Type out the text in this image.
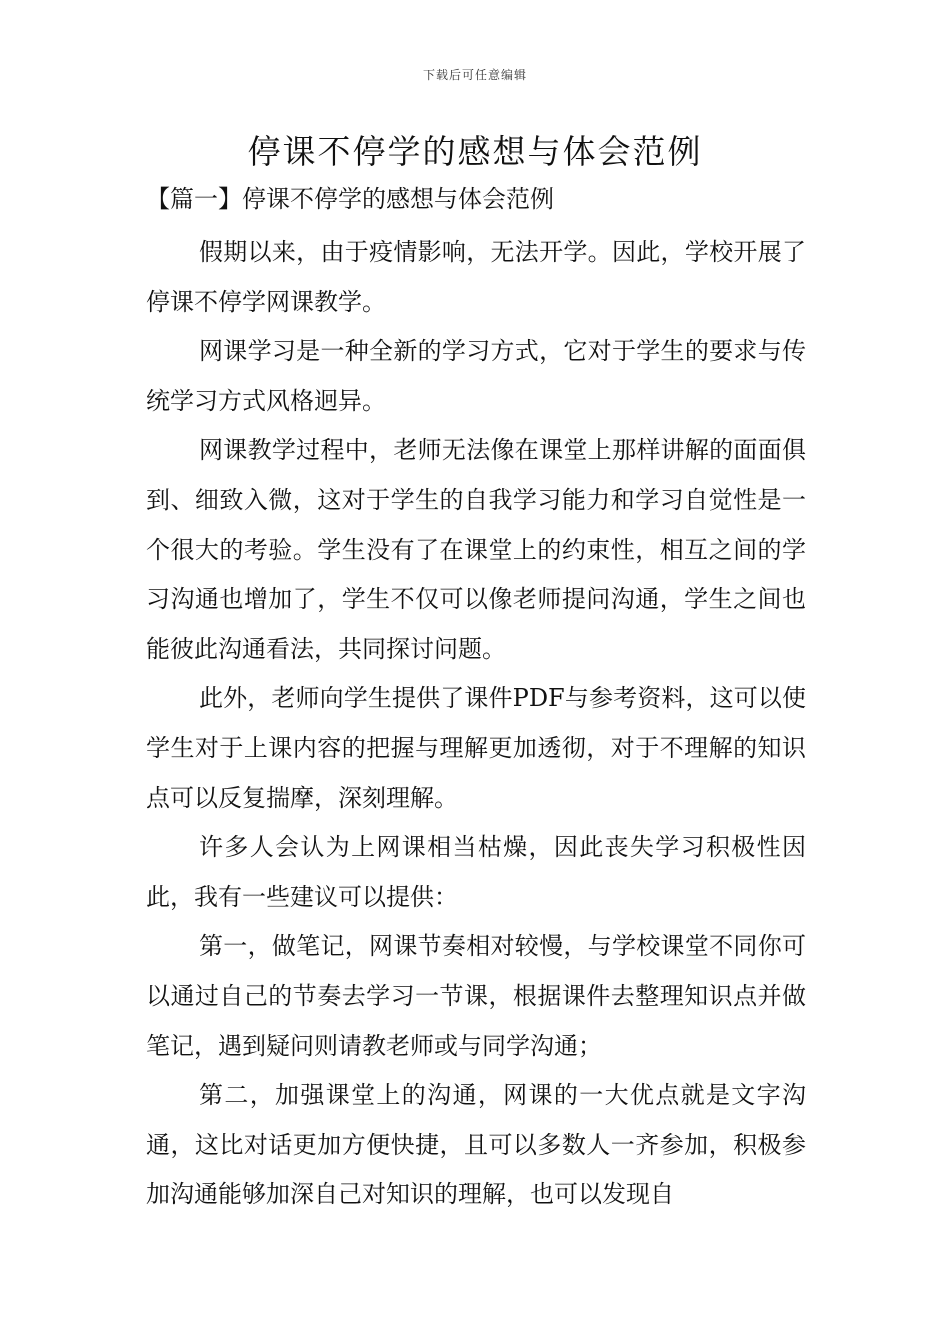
下载后可任意编辑
停课不停学的感想与体会范例
【篇一】停课不停学的感想与体会范例

假期以来，由于疫情影响，无法开学。因此，学校开展了停课不停学网课教学。

网课学习是一种全新的学习方式，它对于学生的要求与传统学习方式风格迥异。

网课教学过程中，老师无法像在课堂上那样讲解的面面俱到、细致入微，这对于学生的自我学习能力和学习自觉性是一个很大的考验。学生没有了在课堂上的约束性，相互之间的学习沟通也增加了，学生不仅可以像老师提问沟通，学生之间也能彼此沟通看法，共同探讨问题。

此外，老师向学生提供了课件PDF与参考资料，这可以使学生对于上课内容的把握与理解更加透彻，对于不理解的知识点可以反复揣摩，深刻理解。

许多人会认为上网课相当枯燥，因此丧失学习积极性因此，我有一些建议可以提供：

第一，做笔记，网课节奏相对较慢，与学校课堂不同你可以通过自己的节奏去学习一节课，根据课件去整理知识点并做笔记，遇到疑问则请教老师或与同学沟通；

第二，加强课堂上的沟通，网课的一大优点就是文字沟通，这比对话更加方便快捷，且可以多数人一齐参加，积极参加沟通能够加深自己对知识的理解，也可以发现自
